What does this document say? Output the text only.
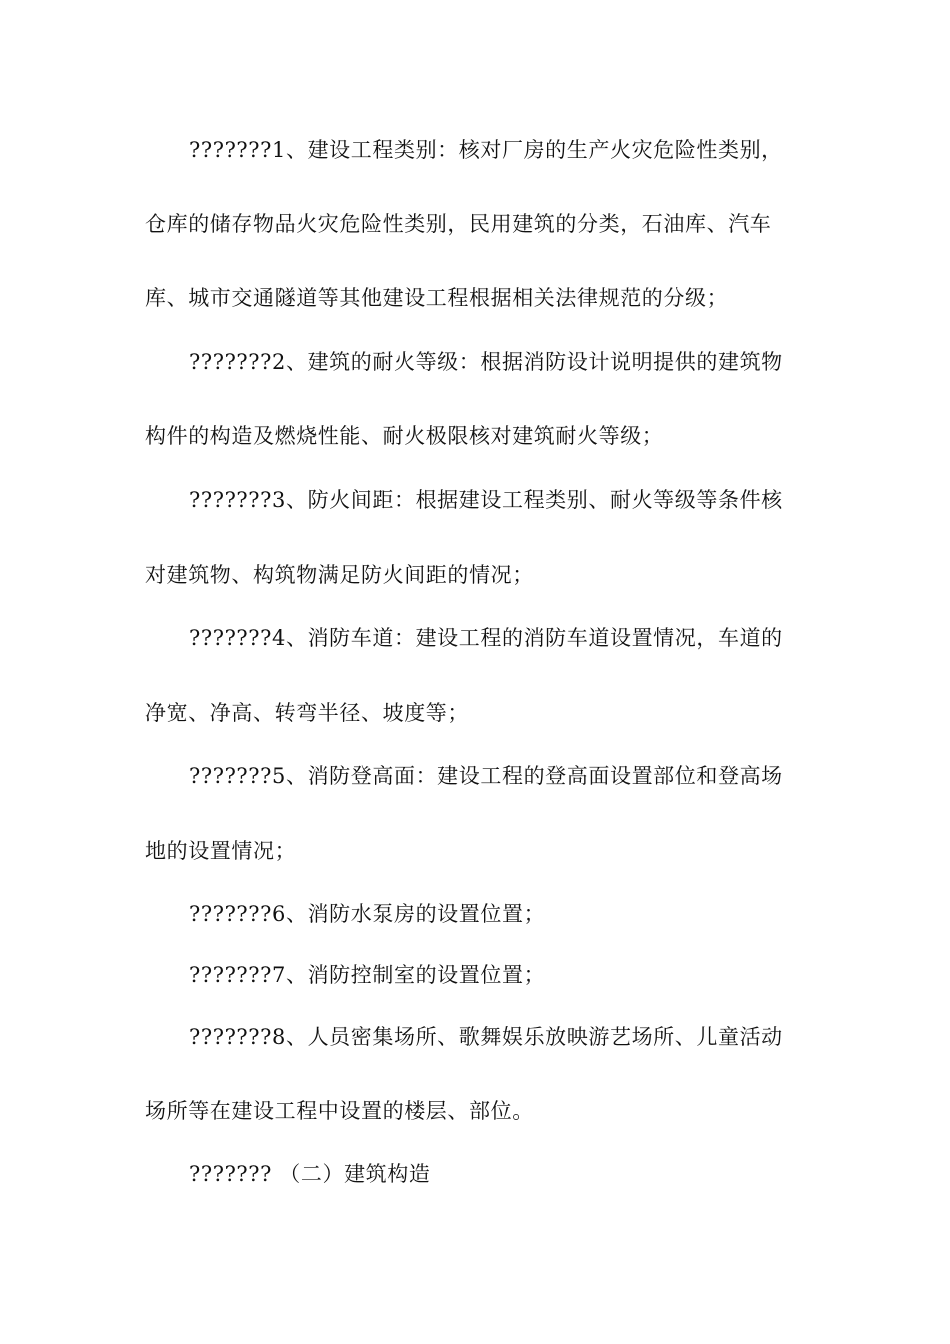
???????1、建设工程类别：核对厂房的生产火灾危险性类别，
仓库的储存物品火灾危险性类别，民用建筑的分类，石油库、汽车
库、城市交通隧道等其他建设工程根据相关法律规范的分级；
???????2、建筑的耐火等级：根据消防设计说明提供的建筑物
构件的构造及燃烧性能、耐火极限核对建筑耐火等级；
???????3、防火间距：根据建设工程类别、耐火等级等条件核
对建筑物、构筑物满足防火间距的情况；
???????4、消防车道：建设工程的消防车道设置情况，车道的
净宽、净高、转弯半径、坡度等；
???????5、消防登高面：建设工程的登高面设置部位和登高场
地的设置情况；
???????6、消防水泵房的设置位置；
???????7、消防控制室的设置位置；
???????8、人员密集场所、歌舞娱乐放映游艺场所、儿童活动
场所等在建设工程中设置的楼层、部位。
??????? （二）建筑构造
